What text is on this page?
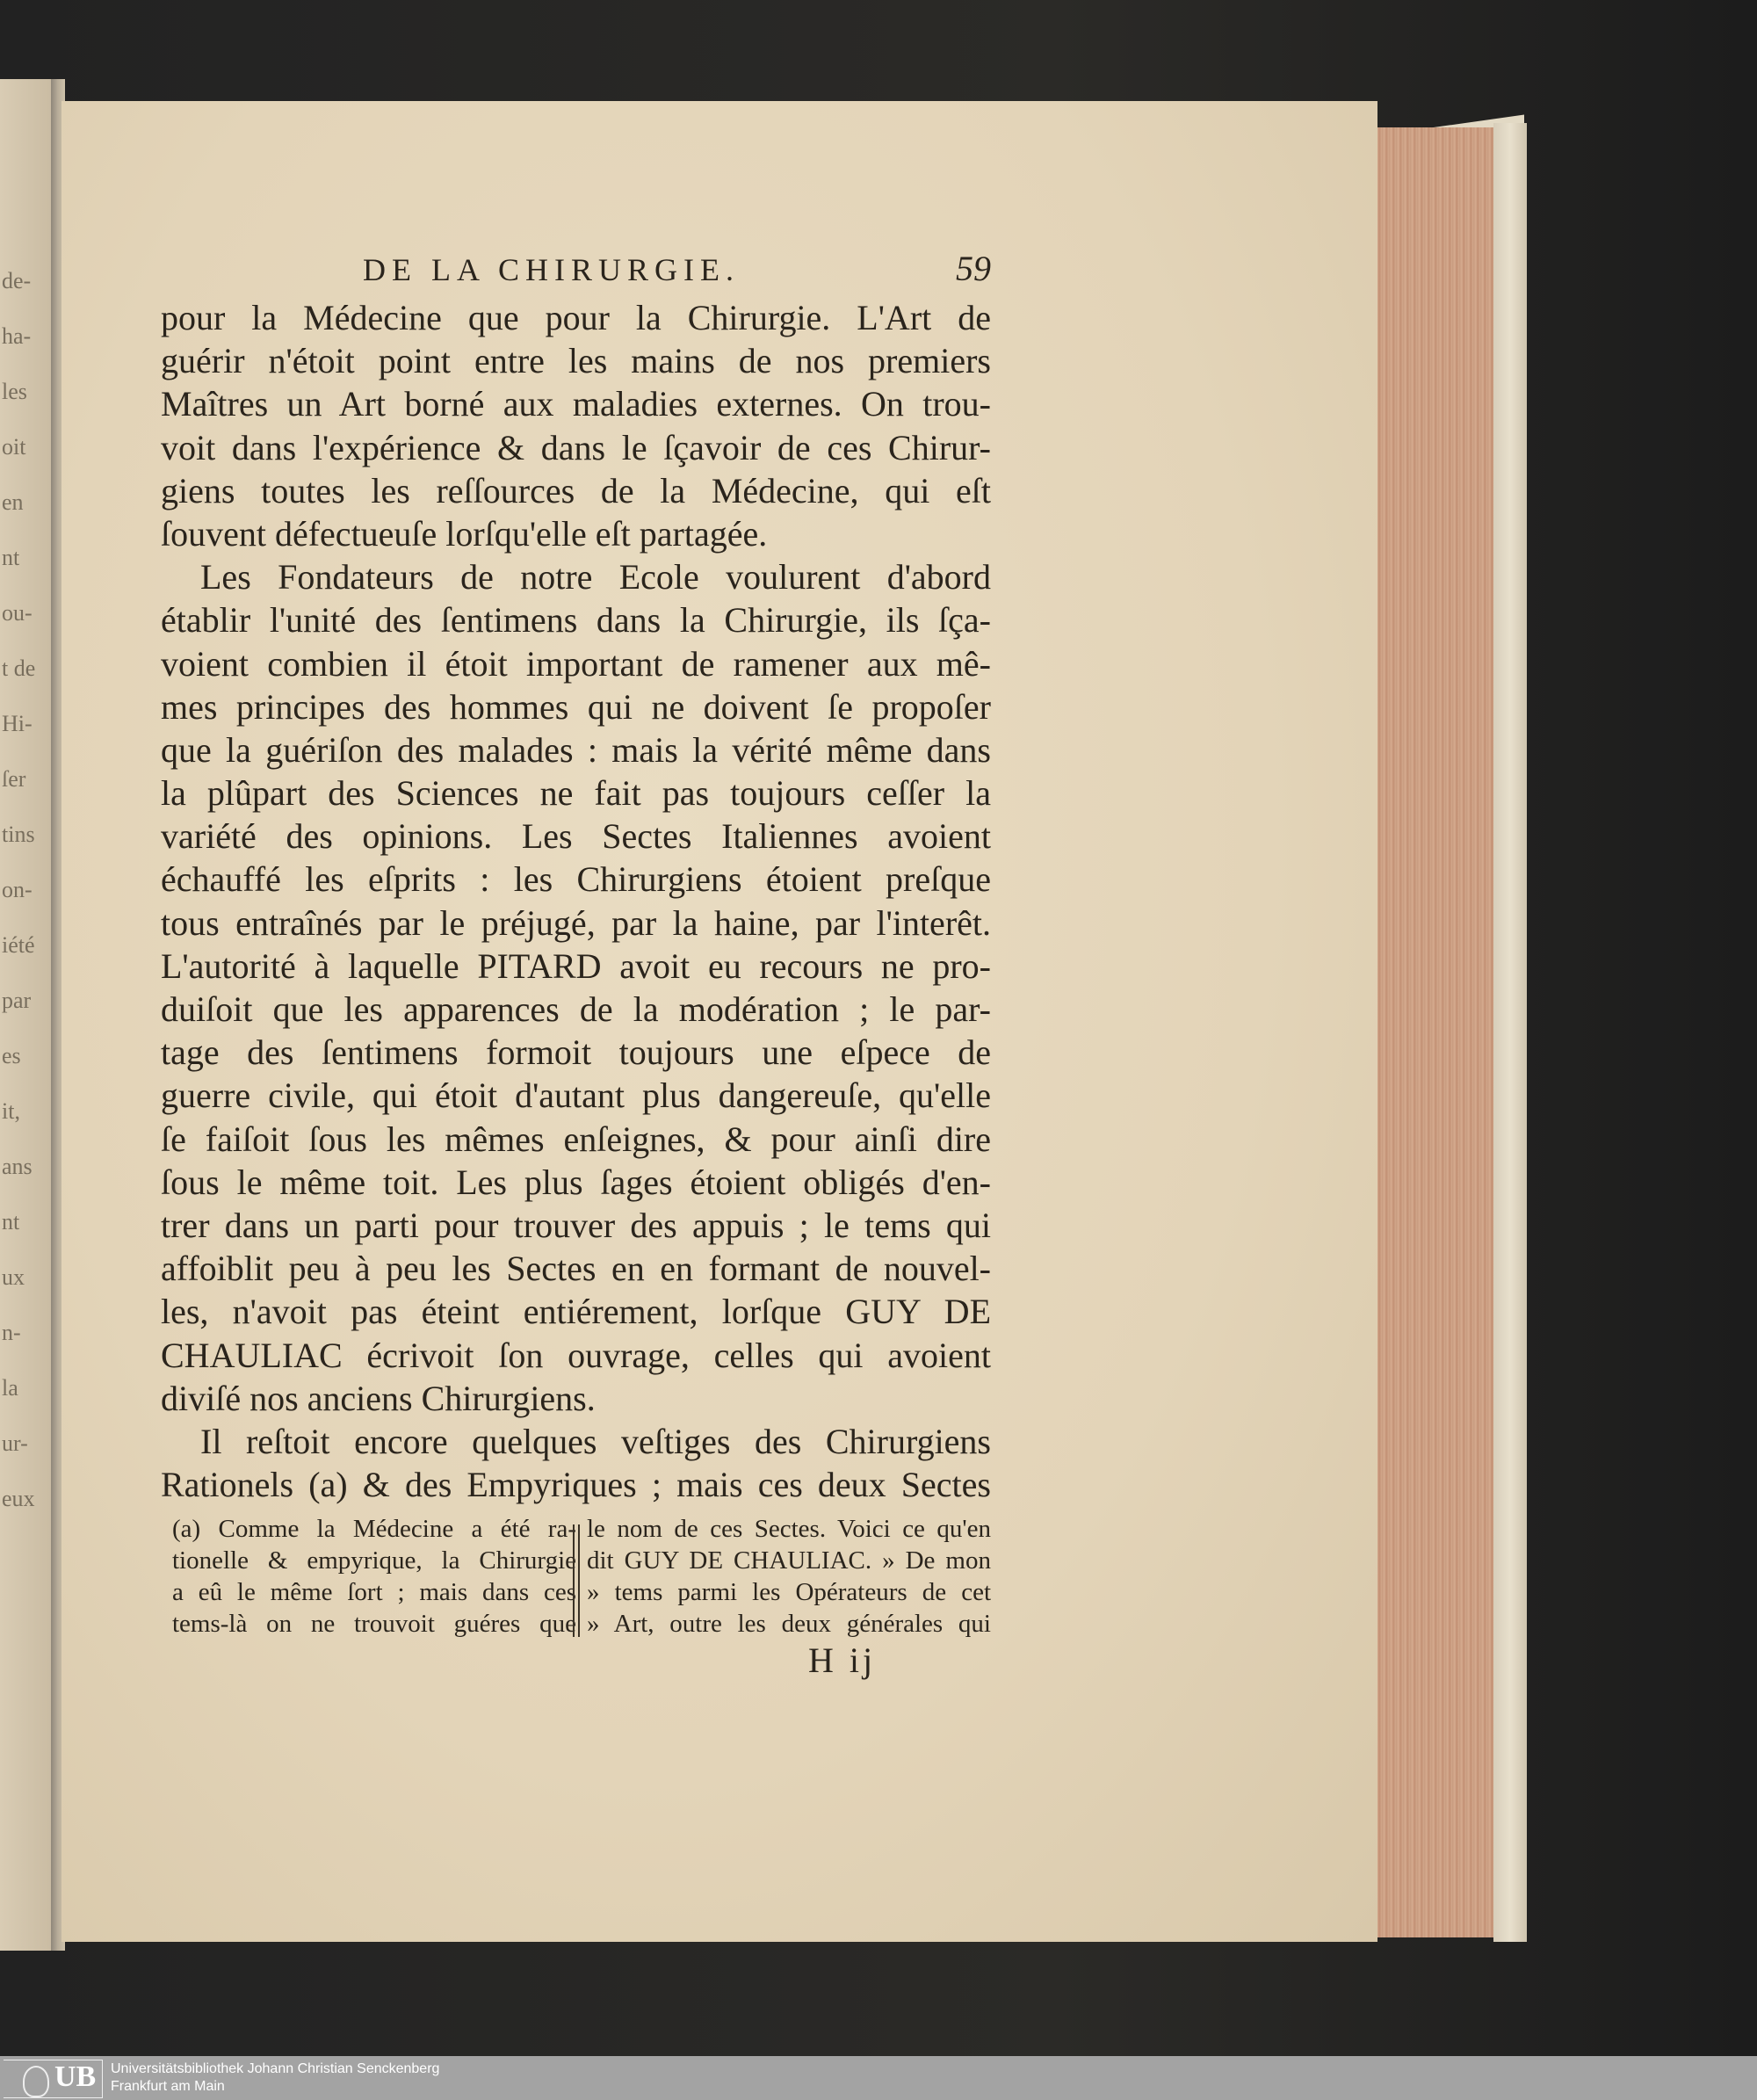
de-
ha-
les
oit
en
nt
ou-
t de
Hi-
ſer
tins
on-
iété
par
es
it,
ans
nt
ux
n-
la
ur-
eux
DE LA CHIRURGIE.	59
pour la Médecine que pour la Chirurgie. L'Art de
guérir n'étoit point entre les mains de nos premiers
Maîtres un Art borné aux maladies externes. On trou-
voit dans l'expérience & dans le ſçavoir de ces Chirur-
giens toutes les reſſources de la Médecine, qui eſt
ſouvent défectueuſe lorſqu'elle eſt partagée.
Les Fondateurs de notre Ecole voulurent d'abord
établir l'unité des ſentimens dans la Chirurgie, ils ſça-
voient combien il étoit important de ramener aux mê-
mes principes des hommes qui ne doivent ſe propoſer
que la guériſon des malades : mais la vérité même dans
la plûpart des Sciences ne fait pas toujours ceſſer la
variété des opinions. Les Sectes Italiennes avoient
échauffé les eſprits : les Chirurgiens étoient preſque
tous entraînés par le préjugé, par la haine, par l'interêt.
L'autorité à laquelle PITARD avoit eu recours ne pro-
duiſoit que les apparences de la modération ; le par-
tage des ſentimens formoit toujours une eſpece de
guerre civile, qui étoit d'autant plus dangereuſe, qu'elle
ſe faiſoit ſous les mêmes enſeignes, & pour ainſi dire
ſous le même toit. Les plus ſages étoient obligés d'en-
trer dans un parti pour trouver des appuis ; le tems qui
affoiblit peu à peu les Sectes en en formant de nouvel-
les, n'avoit pas éteint entiérement, lorſque GUY DE
CHAULIAC écrivoit ſon ouvrage, celles qui avoient
diviſé nos anciens Chirurgiens.
Il reſtoit encore quelques veſtiges des Chirurgiens
Rationels (a) & des Empyriques ; mais ces deux Sectes
(a) Comme la Médecine a été ra-
tionelle & empyrique, la Chirurgie
a eû le même ſort ; mais dans ces
tems-là on ne trouvoit guéres que
le nom de ces Sectes. Voici ce qu'en
dit GUY DE CHAULIAC. » De mon
» tems parmi les Opérateurs de cet
» Art, outre les deux générales qui
H ij
UB Universitätsbibliothek Johann Christian Senckenberg
Frankfurt am Main
